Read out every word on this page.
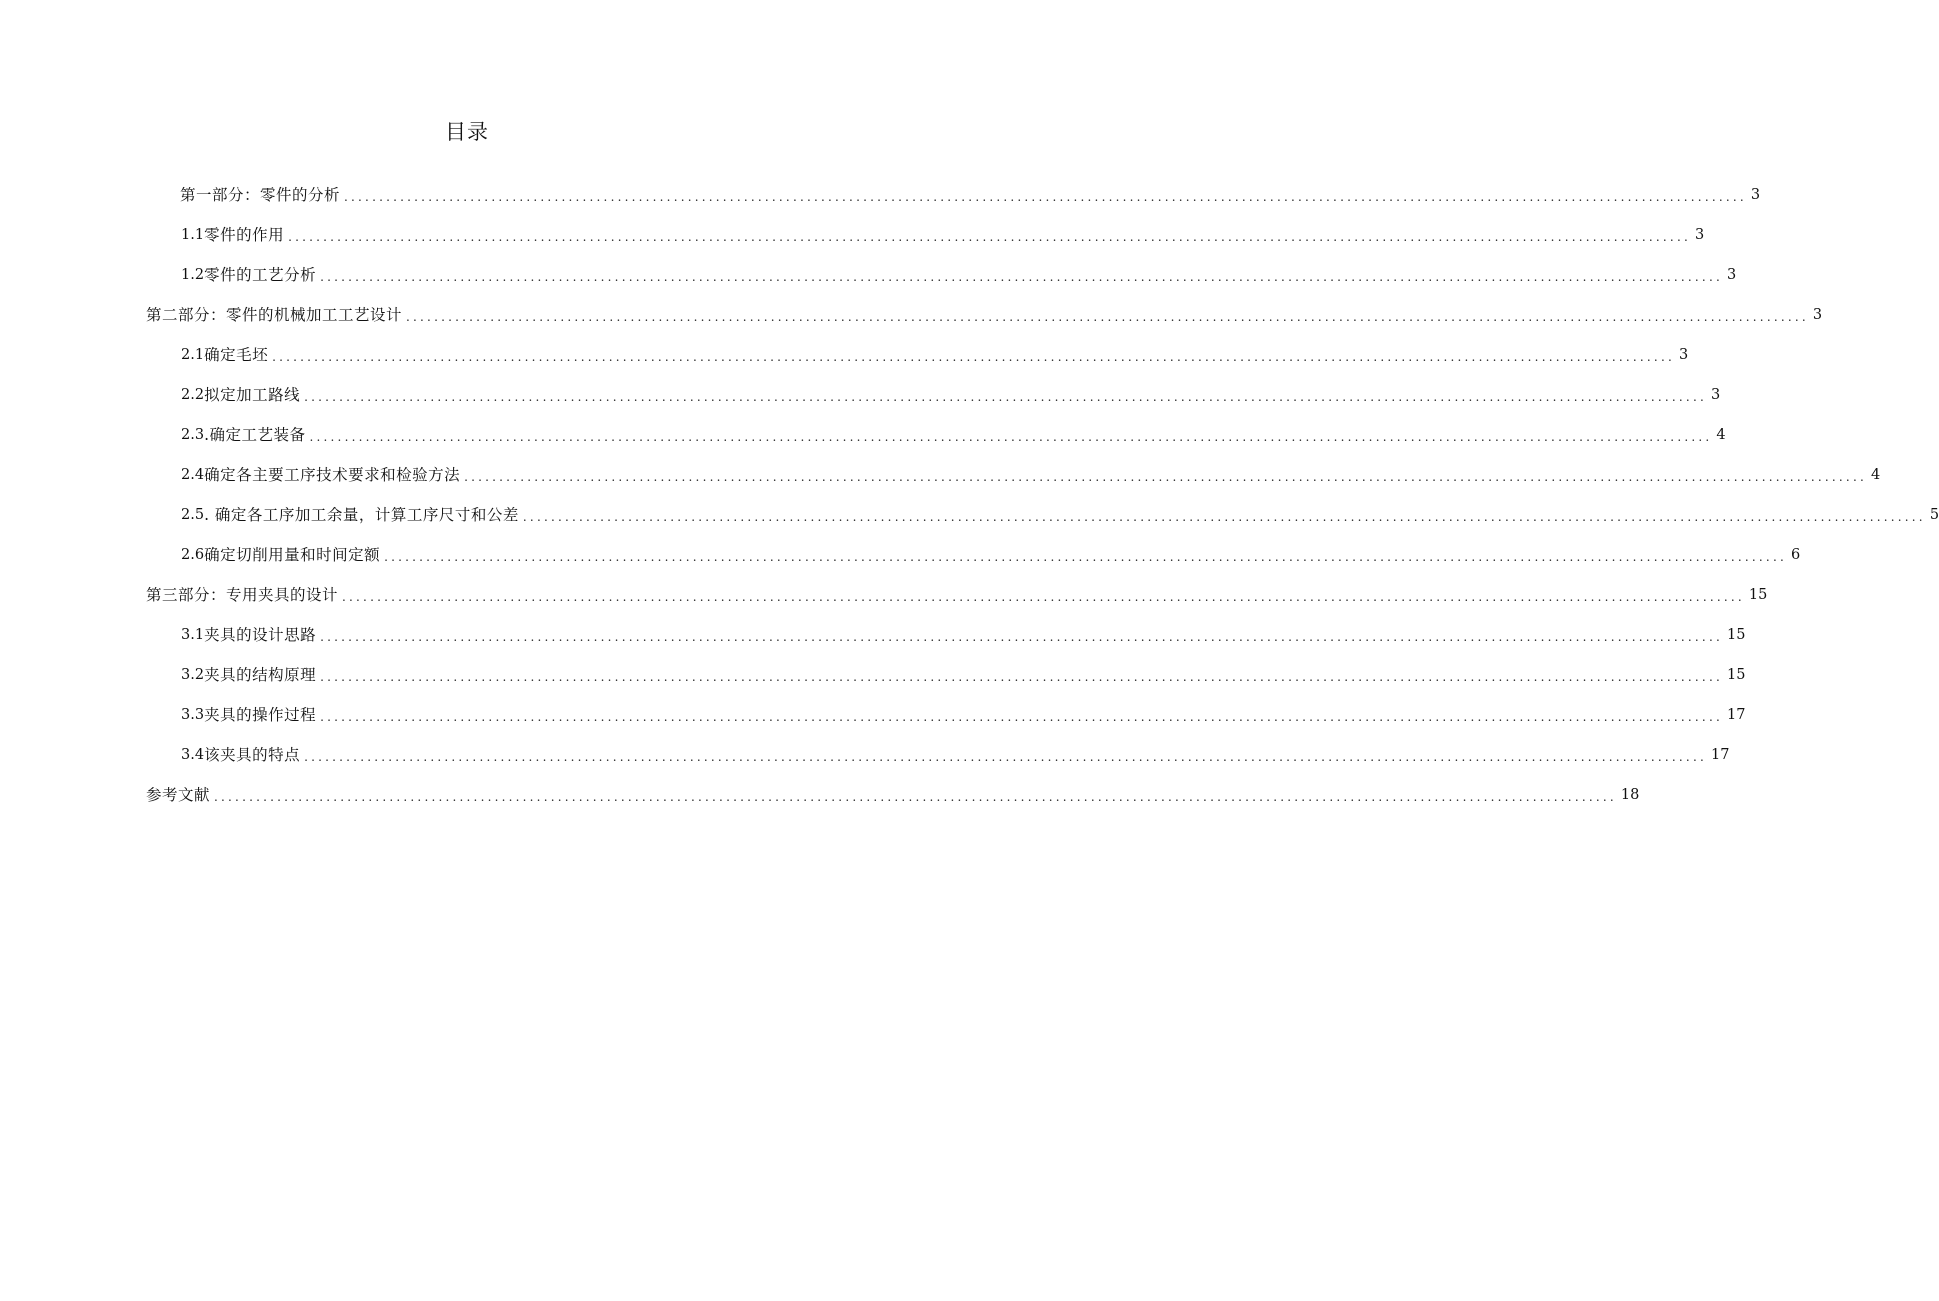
目录
第一部分：零件的分析 ........................................................................................................................................................................................................ 3
1.1 零件的作用 ........................................................................................................................................................................................................ 3
1.2 零件的工艺分析 ........................................................................................................................................................................................................ 3
第二部分：零件的机械加工工艺设计 ........................................................................................................................................................................................................ 3
2.1 确定毛坯 ........................................................................................................................................................................................................ 3
2.2 拟定加工路线 ........................................................................................................................................................................................................ 3
2.3 .确定工艺装备 ........................................................................................................................................................................................................ 4
2.4 确定各主要工序技术要求和检验方法 ........................................................................................................................................................................................................ 4
2.5 . 确定各工序加工余量，计算工序尺寸和公差 ........................................................................................................................................................................................................ 5
2.6 确定切削用量和时间定额 ........................................................................................................................................................................................................ 6
第三部分：专用夹具的设计 ........................................................................................................................................................................................................ 15
3.1 夹具的设计思路 ........................................................................................................................................................................................................ 15
3.2 夹具的结构原理 ........................................................................................................................................................................................................ 15
3.3 夹具的操作过程 ........................................................................................................................................................................................................ 17
3.4 该夹具的特点 ........................................................................................................................................................................................................ 17
参考文献 ........................................................................................................................................................................................................ 18
